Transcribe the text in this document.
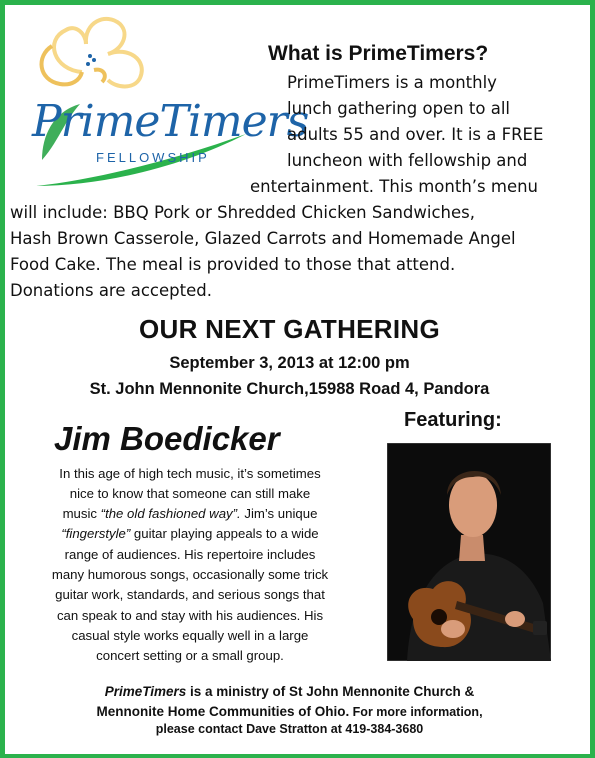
PrimeTimers
FELLOWSHIP
What is PrimeTimers?
PrimeTimers is a monthly
lunch gathering open to all
adults 55 and over. It is a FREE
luncheon with fellowship and
entertainment. This month’s menu
will include: BBQ Pork or Shredded Chicken Sandwiches,
Hash Brown Casserole, Glazed Carrots and Homemade Angel
Food Cake. The meal is provided to those that attend.
Donations are accepted.
OUR NEXT GATHERING
September 3, 2013 at 12:00 pm
St. John Mennonite Church,15988 Road 4, Pandora
Featuring:
Jim Boedicker
In this age of high tech music, it’s sometimes
nice to know that someone can still make
music “the old fashioned way”. Jim’s unique
“fingerstyle” guitar playing appeals to a wide
range of audiences. His repertoire includes
many humorous songs, occasionally some trick
guitar work, standards, and serious songs that
can speak to and stay with his audiences. His
casual style works equally well in a large
concert setting or a small group.
PrimeTimers is a ministry of St John Mennonite Church &
Mennonite Home Communities of Ohio. For more information,
please contact Dave Stratton at 419-384-3680
